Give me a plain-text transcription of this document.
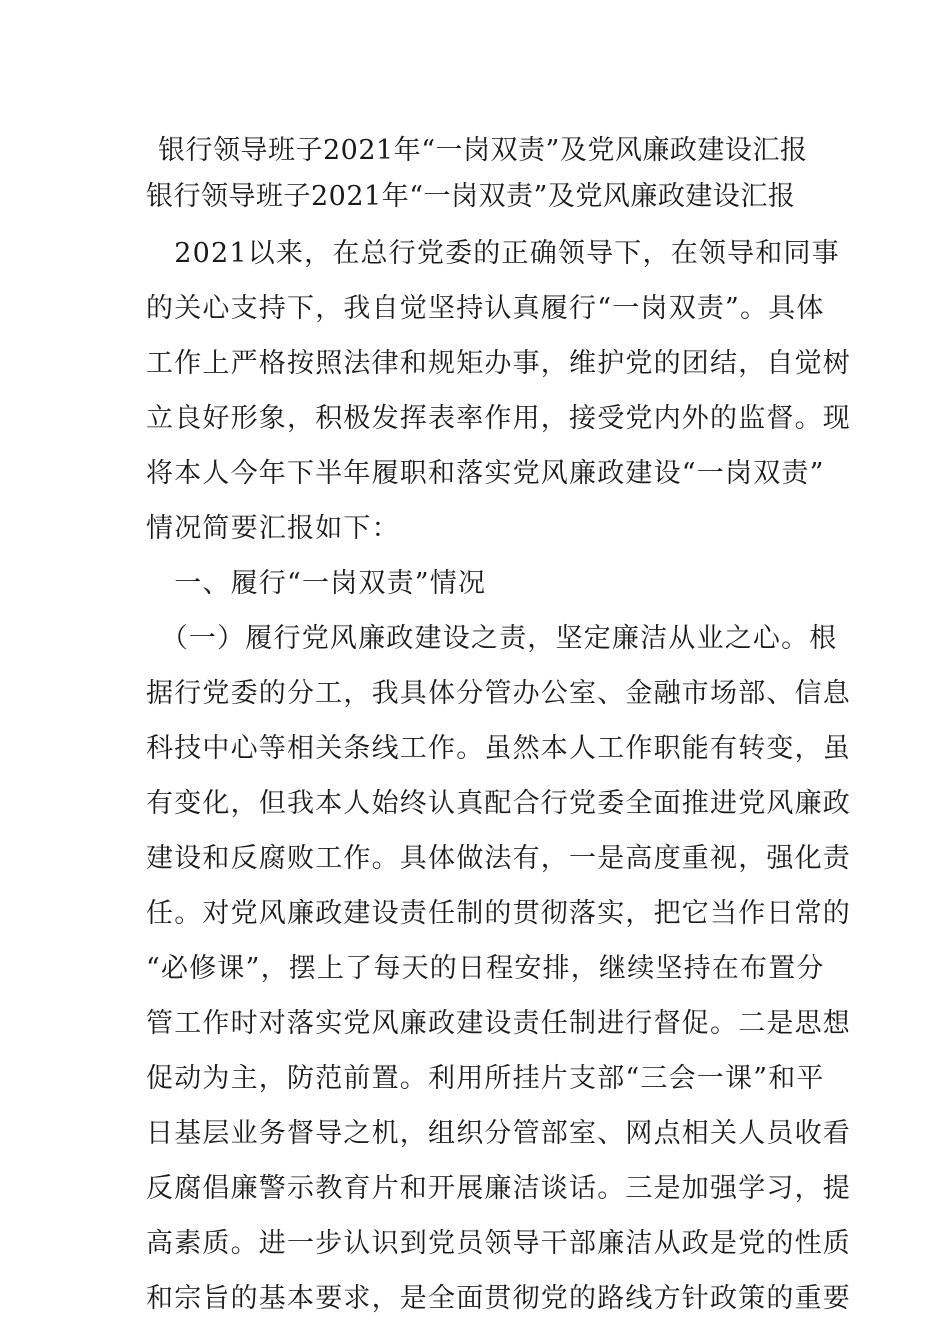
银行领导班子2021年“一岗双责”及党风廉政建设汇报
银行领导班子2021年“一岗双责”及党风廉政建设汇报
　2021以来，在总行党委的正确领导下，在领导和同事
的关心支持下，我自觉坚持认真履行“一岗双责”。具体
工作上严格按照法律和规矩办事，维护党的团结，自觉树
立良好形象，积极发挥表率作用，接受党内外的监督。现
将本人今年下半年履职和落实党风廉政建设“一岗双责”
情况简要汇报如下：
　一、履行“一岗双责”情况
　（一）履行党风廉政建设之责，坚定廉洁从业之心。根
据行党委的分工，我具体分管办公室、金融市场部、信息
科技中心等相关条线工作。虽然本人工作职能有转变，虽
有变化，但我本人始终认真配合行党委全面推进党风廉政
建设和反腐败工作。具体做法有，一是高度重视，强化责
任。对党风廉政建设责任制的贯彻落实，把它当作日常的
“必修课”，摆上了每天的日程安排，继续坚持在布置分
管工作时对落实党风廉政建设责任制进行督促。二是思想
促动为主，防范前置。利用所挂片支部“三会一课”和平
日基层业务督导之机，组织分管部室、网点相关人员收看
反腐倡廉警示教育片和开展廉洁谈话。三是加强学习，提
高素质。进一步认识到党员领导干部廉洁从政是党的性质
和宗旨的基本要求，是全面贯彻党的路线方针政策的重要
